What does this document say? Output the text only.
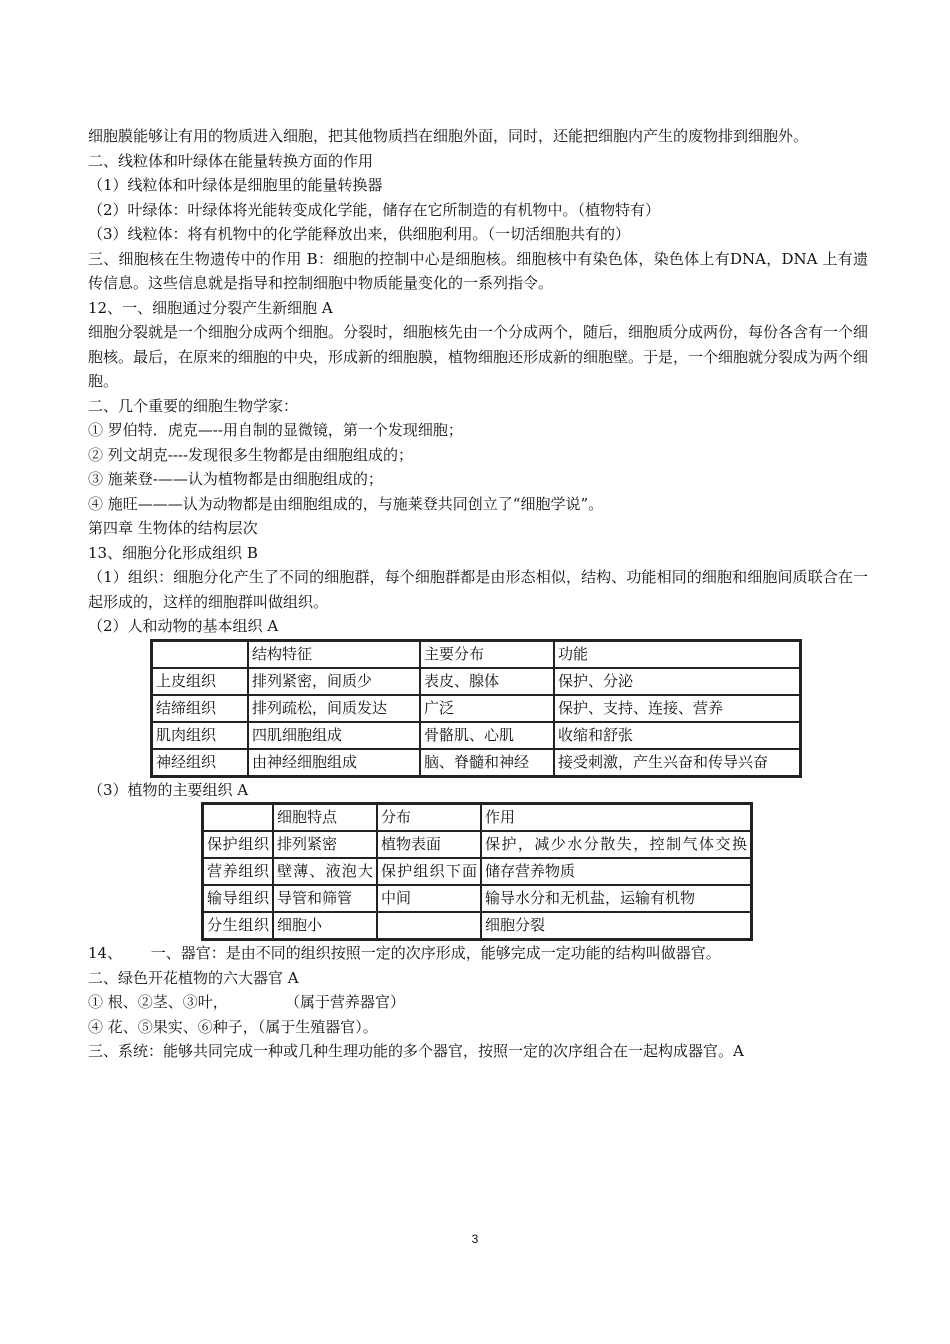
细胞膜能够让有用的物质进入细胞，把其他物质挡在细胞外面，同时，还能把细胞内产生的废物排到细胞外。

二、线粒体和叶绿体在能量转换方面的作用

（1）线粒体和叶绿体是细胞里的能量转换器

（2）叶绿体：叶绿体将光能转变成化学能，储存在它所制造的有机物中。（植物特有）

（3）线粒体：将有机物中的化学能释放出来，供细胞利用。（一切活细胞共有的）

三、细胞核在生物遗传中的作用 B：细胞的控制中心是细胞核。细胞核中有染色体，染色体上有DNA，DNA 上有遗传信息。这些信息就是指导和控制细胞中物质能量变化的一系列指令。

12、一、细胞通过分裂产生新细胞 A

细胞分裂就是一个细胞分成两个细胞。分裂时，细胞核先由一个分成两个，随后，细胞质分成两份，每份各含有一个细胞核。最后，在原来的细胞的中央，形成新的细胞膜，植物细胞还形成新的细胞壁。于是，一个细胞就分裂成为两个细胞。

二、几个重要的细胞生物学家：

① 罗伯特．虎克—--用自制的显微镜，第一个发现细胞；

② 列文胡克----发现很多生物都是由细胞组成的；

③ 施莱登-——认为植物都是由细胞组成的；

④ 施旺———认为动物都是由细胞组成的，与施莱登共同创立了“细胞学说”。

第四章 生物体的结构层次

13、细胞分化形成组织 B

（1）组织：细胞分化产生了不同的细胞群，每个细胞群都是由形态相似，结构、功能相同的细胞和细胞间质联合在一起形成的，这样的细胞群叫做组织。

（2）人和动物的基本组织 A

	结构特征	主要分布	功能
上皮组织	排列紧密，间质少	表皮、腺体	保护、分泌
结缔组织	排列疏松，间质发达	广泛	保护、支持、连接、营养
肌肉组织	四肌细胞组成	骨骼肌、心肌	收缩和舒张
神经组织	由神经细胞组成	脑、脊髓和神经	接受刺激，产生兴奋和传导兴奋

（3）植物的主要组织 A

	细胞特点	分布	作用
保护组织	排列紧密	植物表面	保护，减少水分散失，控制气体交换
营养组织	壁薄、液泡大	保护组织下面	储存营养物质
输导组织	导管和筛管	中间	输导水分和无机盐，运输有机物
分生组织	细胞小		细胞分裂

14、      一、器官：是由不同的组织按照一定的次序形成，能够完成一定功能的结构叫做器官。

二、绿色开花植物的六大器官 A

① 根、②茎、③叶，            （属于营养器官）

④ 花、⑤果实、⑥种子，（属于生殖器官）。

三、系统：能够共同完成一种或几种生理功能的多个器官，按照一定的次序组合在一起构成器官。A

3
